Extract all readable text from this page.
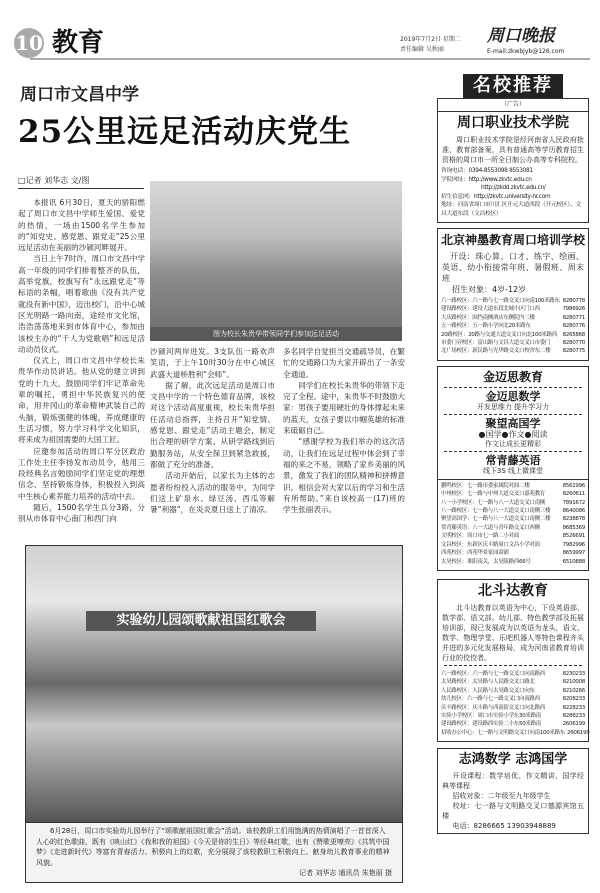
10 教育	2019年7月2日 星期二
责任编辑 吴秋丽
周口晚报
E-mail:zkwbjyb@126.com
周口市文昌中学
25公里远足活动庆党生
□记者 刘华志 文/图

本报讯 6月30日，夏天的骄阳燃起了周口市文昌中学师生爱国、爱党的热情，一场由1500名学生参加的“知党史、感党恩、跟党走”25公里远足活动在美丽的沙颍河畔展开。

当日上午7时许，周口市文昌中学高一年级的同学们排着整齐的队伍，高举党旗，校旗写有“永远跟党走”等标语的条幅，唱着歌曲《没有共产党就没有新中国》，迈出校门，沿中心城区光明路一路向南，途经市文化馆，浩浩荡荡地来到市体育中心，参加由该校主办的“千人为党歌唱”和远足活动动员仪式。

仪式上，周口市文昌中学校长朱贵华作动员讲话。他从党的建立讲到党的十九大，鼓励同学们牢记革命先辈的嘱托，勇担中华民族复兴的使命，用井冈山的革命精神武装自己的头脑，锻炼强健的体魄，养成健康的生活习惯，努力学习科学文化知识，将来成为祖国需要的大国工匠。

应邀参加活动的周口军分区政治工作处主任李扬发布动员令，他用三段经典名言勉励同学们坚定党的理想信念、坚持锻炼身体，积极投入到高中生核心素养能力培养的活动中去。

随后，1500名学生兵分3路，分别从市体育中心南门和西门向

图为校长朱贵华带领同学们参加远足活动

沙颍河两岸进发。3支队伍一路欢声笑语，于上午10时30分在中心城区武盛大道桥胜利“会师”。

据了解，此次远足活动是周口市文昌中学的一个特色德育品牌，该校对这个活动高度重视，校长朱贵华担任活动总指挥，主持召开“知党情、感党恩、跟党走”活动主题会，制定出合理的研学方案。从研学路线到后勤服务站，从安全保卫到紧急救援，都做了充分的准备。

活动开始后，以家长为主体的志愿者纷纷投入活动的服务中，为同学们送上矿泉水、绿豆汤、西瓜等解暑“利器”，在炎炎夏日送上了清凉。

多名同学自觉担当交通疏导员，在繁忙的交通路口为大家开辟出了一条安全通道。

同学们在校长朱贵华的带领下走完了全程。途中，朱贵华不时鼓励大家：男孩子要用硬壮的身体撑起未来的蓝天，女孩子要以巾帼英雄的标准来砥砺自己。

“感谢学校为我们举办的这次活动，让我们在远足过程中体会到了幸福的来之不易，领略了家乡美丽的风景，激发了我们的团队精神和拼搏意识，相信会对大家以后的学习和生活有所帮助。”来自该校高一(17)班的学生张丽表示。

实验幼儿园颂歌献祖国红歌会
6月28日，周口市实验幼儿园举行了“颂歌献祖国红歌会”活动。该校教职工们用饱满的热情演唱了一首首深入人心的红色歌曲，既有《映山红》《我和我的祖国》《今天是你的生日》等经典红歌，也有《赞歌更嘹亮》《共筑中国梦》《走进新时代》等富有青春活力、积极向上的红歌，充分展现了该校教职工积极向上、献身幼儿教育事业的精神风貌。
记者 刘华志 通讯员 朱艳丽 摄
名校推荐
（广告）
周口职业技术学院
周口职业技术学院是经河南省人民政府批准，教育部备案，具有普通高等学历教育招生资格的周口市一所全日制公办高等专科院校。
咨询电话：0394-8553098 8553081
学院网址：http://www.zkvtc.edu.cn
http://zkdd.zkvtc.edu.cn/
招生信息网：http://zkvtc.university-hr.com
地址：河南省周口市川汇区开元大道西段（开元校区）、文昌大道东段（文昌校区）
北京神墨教育周口培训学校
开设：珠心算、口才、练字、绘画、英语、幼小衔接常年班、暑假班、周末班
招生对象：4岁-12岁
六一路校区：六一路与七一路交叉口向南100米路东 8280778
建设路校区：建设大道东段北城小区门口西	7986926
大庆路校区：围挡南侧酒店东侧院内三楼	8280771
五一路校区：五一路小学向北20米路东	8280776
20路校区：20路与交通大道交叉口向北100米路西 8265868
市委门旁校区：富山路与文昌大道交叉口市委门 8280770
北广场校区：新民路与光华路交叉口校舍东二楼 8280775
金迈思教育
金迈思数学
开发思维力 提升学习力
聚望高国学
●国学●作文●阅读
作文让成长更精彩
常青藤英语
线下3S 线上微课堂
鹏鸣校区：七一路市委家属院对面二楼	8561996
中州校区：七一路与中州大道交叉口嘉苑教育	8260611
八一小学校区：七一路与八一大道交叉口南侧	7891672
八一路校区：七一路与八一大道交叉口南侧三楼 8640086
聚望高国学：七一路与八一大道交叉口南侧二楼 8238878
常青藤英语：八一大道与青年路交叉口西侧	8685369
文明校区：周口市七一路二小对面	8526691
文昌校区：东新区庆丰路周口文昌小学对面	7982996
西苑校区：西苑华景家园商铺	8659997
太昊校区：淮阳南关，太昊陵路西66号	6510888
北斗达教育
北斗达教育以英语为中心，下设英语部、数学部、语文部、幼儿部、特色教学部及拓展培训部，现已发展成为以英语为龙头，语文、数学、物理学堂、乐吧机器人等特色课程齐头并进的多元化发展格局，成为河南省教育培训行业的佼佼者。
六一路校区：六一路与七一路交叉口向南路西	8230233
太昊路校区：太昊路与人民路交叉口路北	8210008
人民路校区：人民路与太昊路交叉口向东	8210266
幼儿校区：六一路与七一路交叉口向南路西	8208233
庆丰路校区：庆丰路与西南街交叉口向北路西	8228233
实验小学校区：周口市实验小学东30米路南	8288233
建设路校区：建设路西实验二小东50米路南	2606199
招收办公中心：七一路与文明路交叉口向南100米路东 2606199
志鸿数学 志鸿国学
开设课程：数学培优、作文精讲、国学经典等课程
招收对象：二年级至九年级学生
校址：七一路与文明路交叉口德源宾馆五楼
电话：8286665 13903948889
